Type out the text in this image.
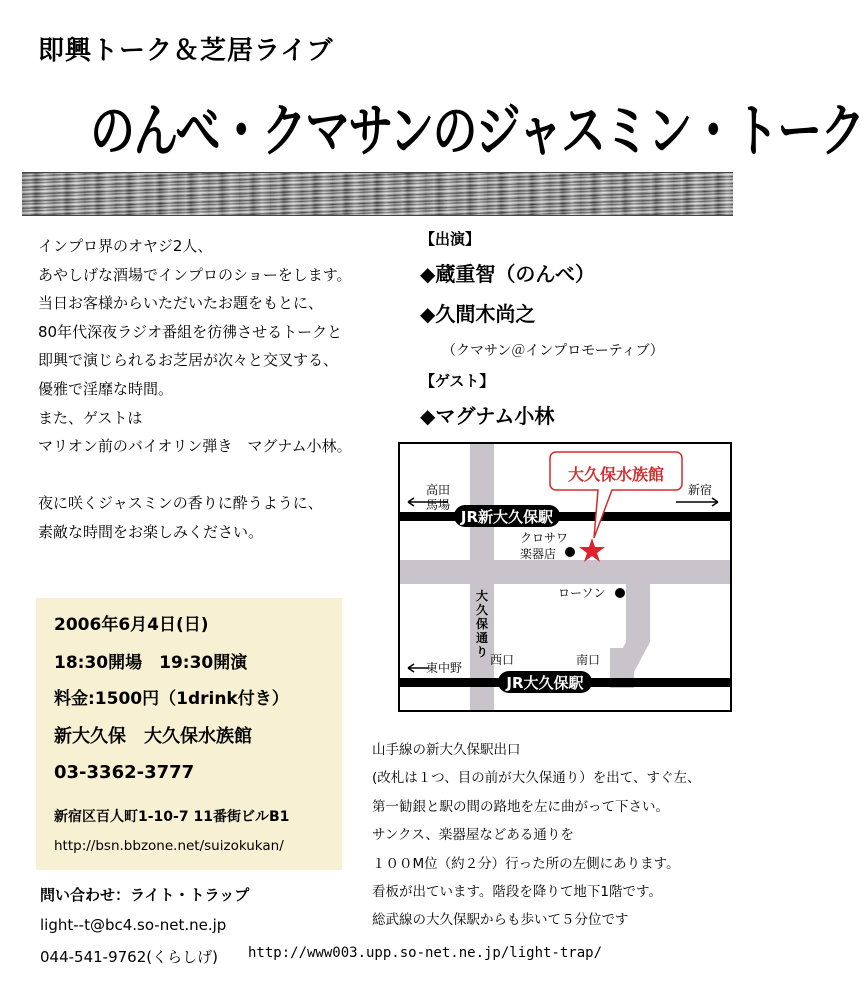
即興トーク＆芝居ライブ
のんべ・クマサンのジャスミン・トーク

インプロ界のオヤジ2人、

あやしげな酒場でインプロのショーをします。

当日お客様からいただいたお題をもとに、

80年代深夜ラジオ番組を彷彿させるトークと

即興で演じられるお芝居が次々と交叉する、

優雅で淫靡な時間。

また、ゲストは

マリオン前のバイオリン弾き　マグナム小林。

夜に咲くジャスミンの香りに酔うように、

素敵な時間をお楽しみください。

【出演】
◆蔵重智（のんべ）
◆久間木尚之
（クマサン＠インプロモーティブ）
【ゲスト】
◆マグナム小林
JR新大久保駅
JR大久保駅
高田
馬場
新宿
東中野
大久保通り
クロサワ
楽器店
ローソン
西口	南口
大久保水族館
2006年6月4日(日)
18:30開場　19:30開演
料金:1500円（1drink付き）
新大久保　大久保水族館
03-3362-3777
新宿区百人町1-10-7 11番街ビルB1
http://bsn.bbzone.net/suizokukan/

山手線の新大久保駅出口

(改札は１つ、目の前が大久保通り）を出て、すぐ左、

第一勧銀と駅の間の路地を左に曲がって下さい。

サンクス、楽器屋などある通りを

１００M位（約２分）行った所の左側にあります。

看板が出ています。階段を降りて地下1階です。

総武線の大久保駅からも歩いて５分位です

問い合わせ：ライト・トラップ
light--t@bc4.so-net.ne.jp
044-541-9762(くらしげ) http://www003.upp.so-net.ne.jp/light-trap/
